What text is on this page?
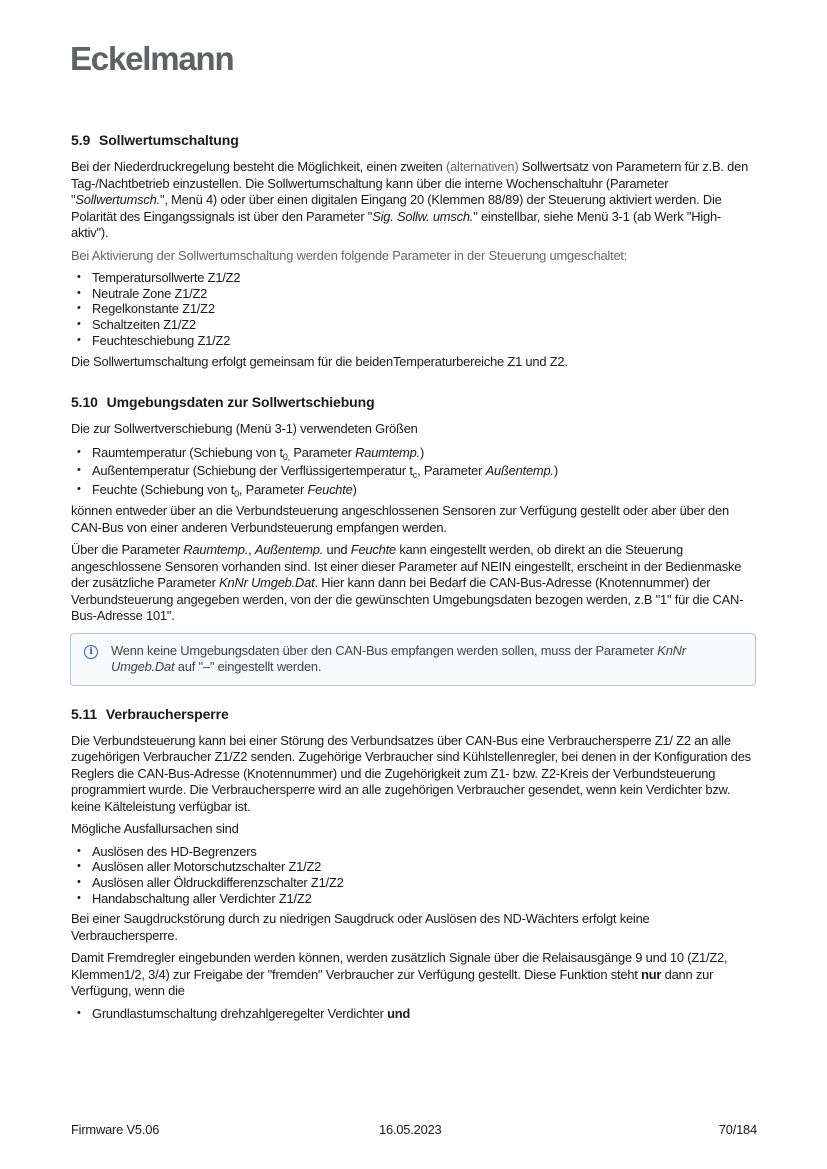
Eckelmann
5.9 Sollwertumschaltung

Bei der Niederdruckregelung besteht die Möglichkeit, einen zweiten (alternativen) Sollwertsatz von Parametern für z.B. den Tag-/Nachtbetrieb einzustellen. Die Sollwertumschaltung kann über die interne Wochenschaltuhr (Parameter "Sollwertumsch.", Menü 4) oder über einen digitalen Eingang 20 (Klemmen 88/89) der Steuerung aktiviert werden. Die Polarität des Eingangssignals ist über den Parameter "Sig. Sollw. umsch." einstellbar, siehe Menü 3-1 (ab Werk "High-aktiv").

Bei Aktivierung der Sollwertumschaltung werden folgende Parameter in der Steuerung umgeschaltet:

• Temperatursollwerte Z1/Z2
• Neutrale Zone Z1/Z2
• Regelkonstante Z1/Z2
• Schaltzeiten Z1/Z2
• Feuchteschiebung Z1/Z2

Die Sollwertumschaltung erfolgt gemeinsam für die beidenTemperaturbereiche Z1 und Z2.

5.10 Umgebungsdaten zur Sollwertschiebung

Die zur Sollwertverschiebung (Menü 3-1) verwendeten Größen

• Raumtemperatur (Schiebung von $t_{0,}$ Parameter Raumtemp.)
• Außentemperatur (Schiebung der Verflüssigertemperatur $t_c$, Parameter Außentemp.)
• Feuchte (Schiebung von $t_0$, Parameter Feuchte)

können entweder über an die Verbundsteuerung angeschlossenen Sensoren zur Verfügung gestellt oder aber über den CAN-Bus von einer anderen Verbundsteuerung empfangen werden.

Über die Parameter Raumtemp., Außentemp. und Feuchte kann eingestellt werden, ob direkt an die Steuerung angeschlossene Sensoren vorhanden sind. Ist einer dieser Parameter auf NEIN eingestellt, erscheint in der Bedienmaske der zusätzliche Parameter KnNr Umgeb.Dat. Hier kann dann bei Bedarf die CAN-Bus-Adresse (Knotennummer) der Verbundsteuerung angegeben werden, von der die gewünschten Umgebungsdaten bezogen werden, z.B "1" für die CAN-Bus-Adresse 101".

i	Wenn keine Umgebungsdaten über den CAN-Bus empfangen werden sollen, muss der Parameter KnNr Umgeb.Dat auf "–" eingestellt werden.

5.11 Verbrauchersperre

Die Verbundsteuerung kann bei einer Störung des Verbundsatzes über CAN-Bus eine Verbrauchersperre Z1/ Z2 an alle zugehörigen Verbraucher Z1/Z2 senden. Zugehörige Verbraucher sind Kühlstellenregler, bei denen in der Konfiguration des Reglers die CAN-Bus-Adresse (Knotennummer) und die Zugehörigkeit zum Z1- bzw. Z2-Kreis der Verbundsteuerung programmiert wurde. Die Verbrauchersperre wird an alle zugehörigen Verbraucher gesendet, wenn kein Verdichter bzw. keine Kälteleistung verfügbar ist.

Mögliche Ausfallursachen sind

• Auslösen des HD-Begrenzers
• Auslösen aller Motorschutzschalter Z1/Z2
• Auslösen aller Öldruckdifferenzschalter Z1/Z2
• Handabschaltung aller Verdichter Z1/Z2

Bei einer Saugdruckstörung durch zu niedrigen Saugdruck oder Auslösen des ND-Wächters erfolgt keine Verbrauchersperre.

Damit Fremdregler eingebunden werden können, werden zusätzlich Signale über die Relaisausgänge 9 und 10 (Z1/Z2, Klemmen1/2, 3/4) zur Freigabe der "fremden" Verbraucher zur Verfügung gestellt. Diese Funktion steht nur dann zur Verfügung, wenn die

• Grundlastumschaltung drehzahlgeregelter Verdichter und
Firmware V5.06	16.05.2023	70/184
